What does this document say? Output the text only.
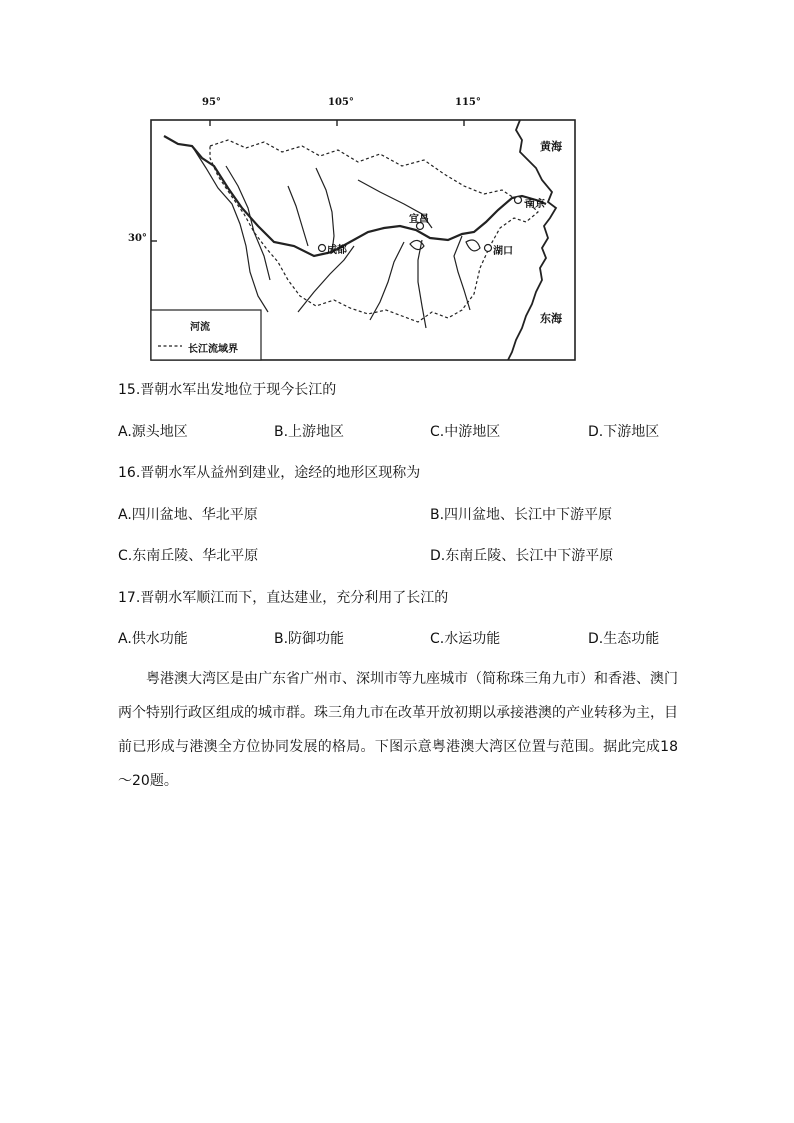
95°	105°	115°
30°
黄海
东海
成都
宜昌
湖口
南京
河流
长江流域界
15.晋朝水军出发地位于现今长江的
A.源头地区	B.上游地区	C.中游地区	D.下游地区
16.晋朝水军从益州到建业，途经的地形区现称为
A.四川盆地、华北平原	B.四川盆地、长江中下游平原
C.东南丘陵、华北平原	D.东南丘陵、长江中下游平原
17.晋朝水军顺江而下，直达建业，充分利用了长江的
A.供水功能	B.防御功能	C.水运功能	D.生态功能

粤港澳大湾区是由广东省广州市、深圳市等九座城市（简称珠三角九市）和香港、澳门两个特别行政区组成的城市群。珠三角九市在改革开放初期以承接港澳的产业转移为主，目前已形成与港澳全方位协同发展的格局。下图示意粤港澳大湾区位置与范围。据此完成18～20题。
